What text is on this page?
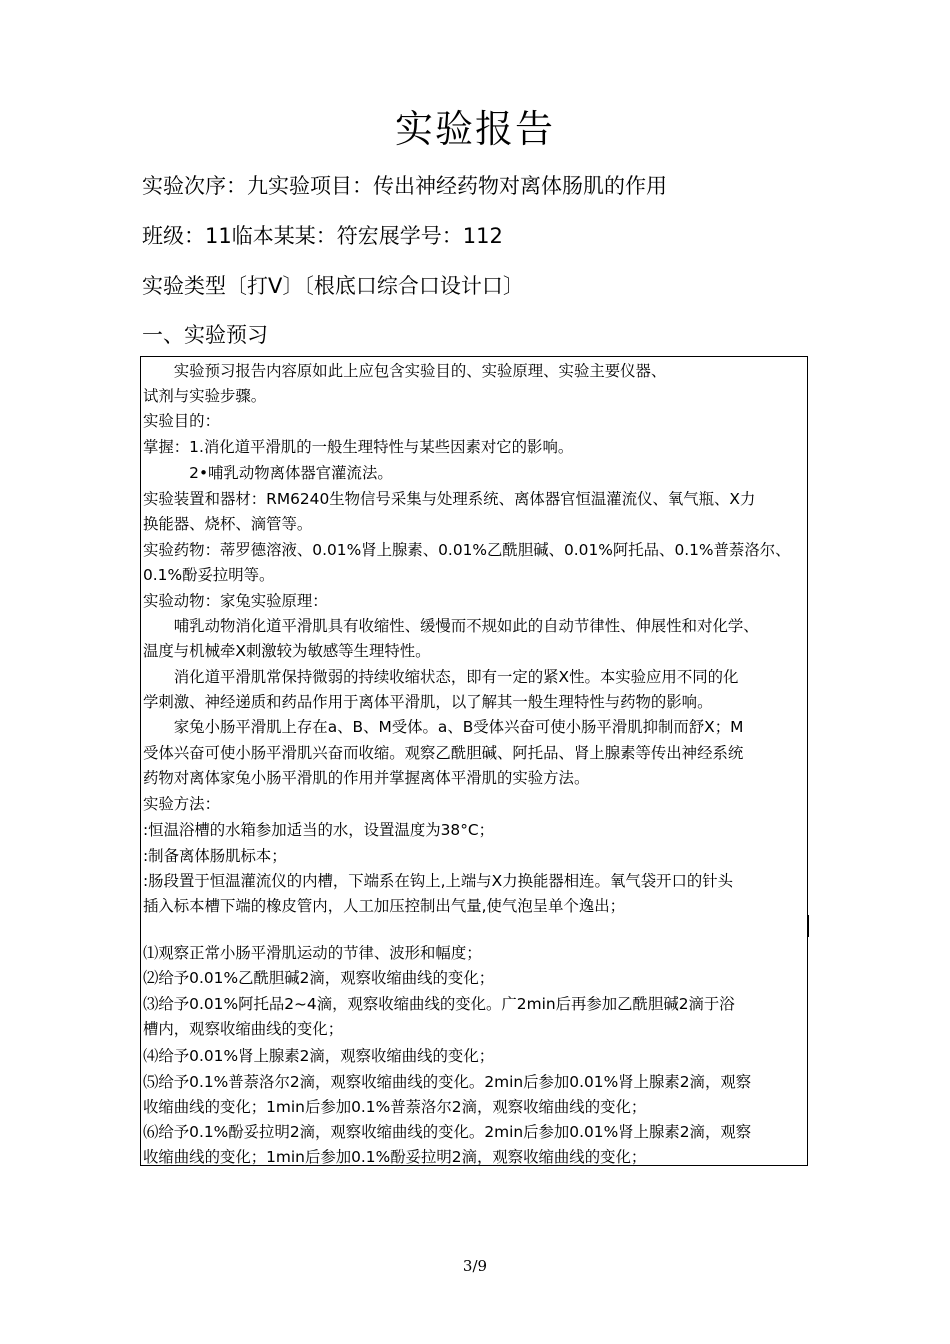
实验报告
实验次序：九实验项目：传出神经药物对离体肠肌的作用
班级：11临本某某：符宏展学号：112
实验类型〔打V〕〔根底口综合口设计口〕
一、实验预习
　　实验预习报告内容原如此上应包含实验目的、实验原理、实验主要仪器、
试剂与实验步骤。
实验目的：
掌握：1.消化道平滑肌的一般生理特性与某些因素对它的影响。
　　　2•哺乳动物离体器官灌流法。
实验装置和器材：RM6240生物信号采集与处理系统、离体器官恒温灌流仪、氧气瓶、X力
换能器、烧杯、滴管等。
实验药物：蒂罗德溶液、0.01%肾上腺素、0.01%乙酰胆碱、0.01%阿托品、0.1%普萘洛尔、
0.1%酚妥拉明等。
实验动物：家兔实验原理：
　　哺乳动物消化道平滑肌具有收缩性、缓慢而不规如此的自动节律性、伸展性和对化学、
温度与机械牵X刺激较为敏感等生理特性。
　　消化道平滑肌常保持微弱的持续收缩状态，即有一定的紧X性。本实验应用不同的化
学刺激、神经递质和药品作用于离体平滑肌，以了解其一般生理特性与药物的影响。
　　家兔小肠平滑肌上存在a、B、M受体。a、B受体兴奋可使小肠平滑肌抑制而舒X；M
受体兴奋可使小肠平滑肌兴奋而收缩。观察乙酰胆碱、阿托品、肾上腺素等传出神经系统
药物对离体家兔小肠平滑肌的作用并掌握离体平滑肌的实验方法。
实验方法：
:恒温浴槽的水箱参加适当的水，设置温度为38°C；
:制备离体肠肌标本；
:肠段置于恒温灌流仪的内槽，下端系在钩上,上端与X力换能器相连。氧气袋开口的针头
插入标本槽下端的橡皮管内，人工加压控制出气量,使气泡呈单个逸出；
⑴观察正常小肠平滑肌运动的节律、波形和幅度；
⑵给予0.01%乙酰胆碱2滴，观察收缩曲线的变化；
⑶给予0.01%阿托品2~4滴，观察收缩曲线的变化。广2min后再参加乙酰胆碱2滴于浴
槽内，观察收缩曲线的变化；
⑷给予0.01%肾上腺素2滴，观察收缩曲线的变化；
⑸给予0.1%普萘洛尔2滴，观察收缩曲线的变化。2min后参加0.01%肾上腺素2滴，观察
收缩曲线的变化；1min后参加0.1%普萘洛尔2滴，观察收缩曲线的变化；
⑹给予0.1%酚妥拉明2滴，观察收缩曲线的变化。2min后参加0.01%肾上腺素2滴，观察
收缩曲线的变化；1min后参加0.1%酚妥拉明2滴，观察收缩曲线的变化；
3/9
